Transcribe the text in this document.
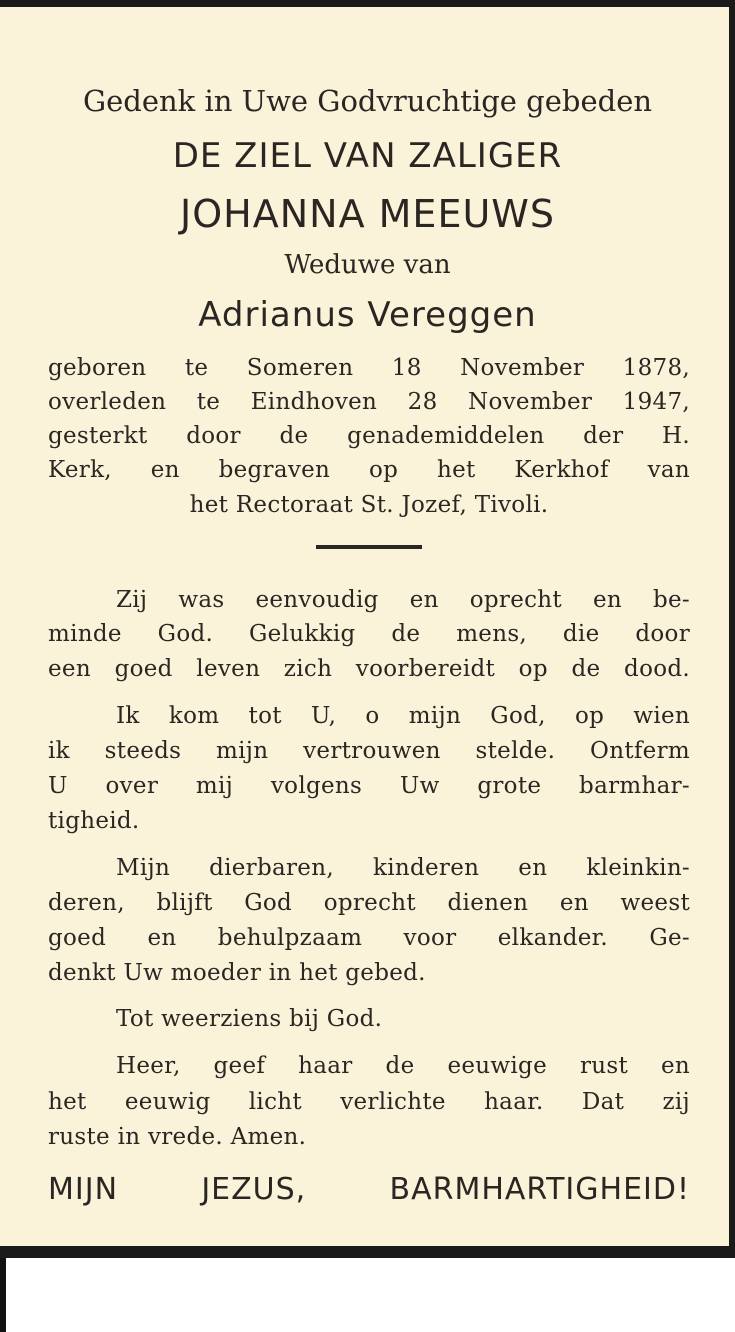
Gedenk in Uwe Godvruchtige gebeden
DE ZIEL VAN ZALIGER
JOHANNA MEEUWS
Weduwe van
Adrianus Vereggen
geboren te Someren 18 November 1878,
overleden te Eindhoven 28 November 1947,
gesterkt door de genademiddelen der H.
Kerk, en begraven op het Kerkhof van
het Rectoraat St. Jozef, Tivoli.
Zij was eenvoudig en oprecht en be-
minde God. Gelukkig de mens, die door
een goed leven zich voorbereidt op de dood.
Ik kom tot U, o mijn God, op wien
ik steeds mijn vertrouwen stelde. Ontferm
U over mij volgens Uw grote barmhar-
tigheid.
Mijn dierbaren, kinderen en kleinkin-
deren, blijft God oprecht dienen en weest
goed en behulpzaam voor elkander. Ge-
denkt Uw moeder in het gebed.
Tot weerziens bij God.
Heer, geef haar de eeuwige rust en
het eeuwig licht verlichte haar. Dat zij
ruste in vrede. Amen.
MIJN JEZUS, BARMHARTIGHEID!
